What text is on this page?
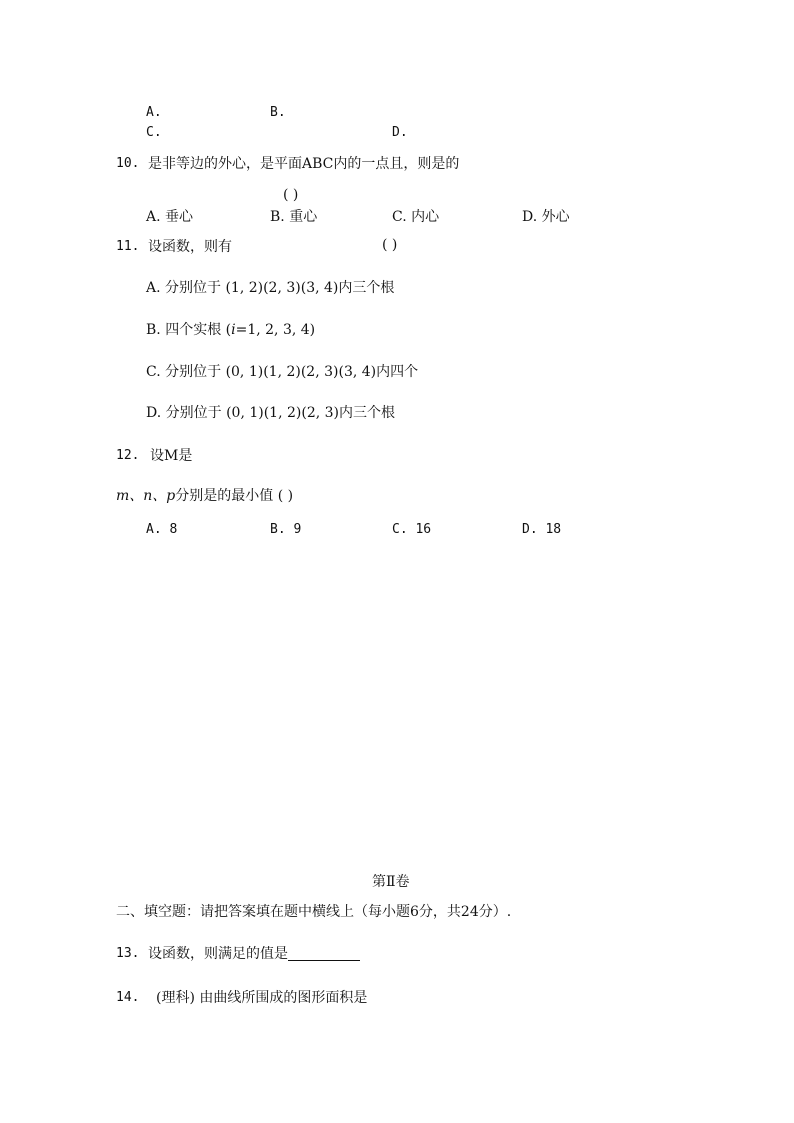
A.	B.
C.	D.
10. 是非等边的外心，是平面ABC内的一点且，则是的
( )
A. 垂心	B. 重心	C. 内心	D. 外心
11. 设函数，则有	( )
A. 分别位于 (1, 2)(2, 3)(3, 4)内三个根
B. 四个实根 (i=1, 2, 3, 4)
C. 分别位于 (0, 1)(1, 2)(2, 3)(3, 4)内四个
D. 分别位于 (0, 1)(1, 2)(2, 3)内三个根
12. 设M是
m、n、p分别是的最小值 ( )
A. 8	B. 9	C. 16	D. 18
第Ⅱ卷
二、填空题：请把答案填在题中横线上（每小题6分，共24分）.
13. 设函数，则满足的值是
14. (理科) 由曲线所围成的图形面积是
